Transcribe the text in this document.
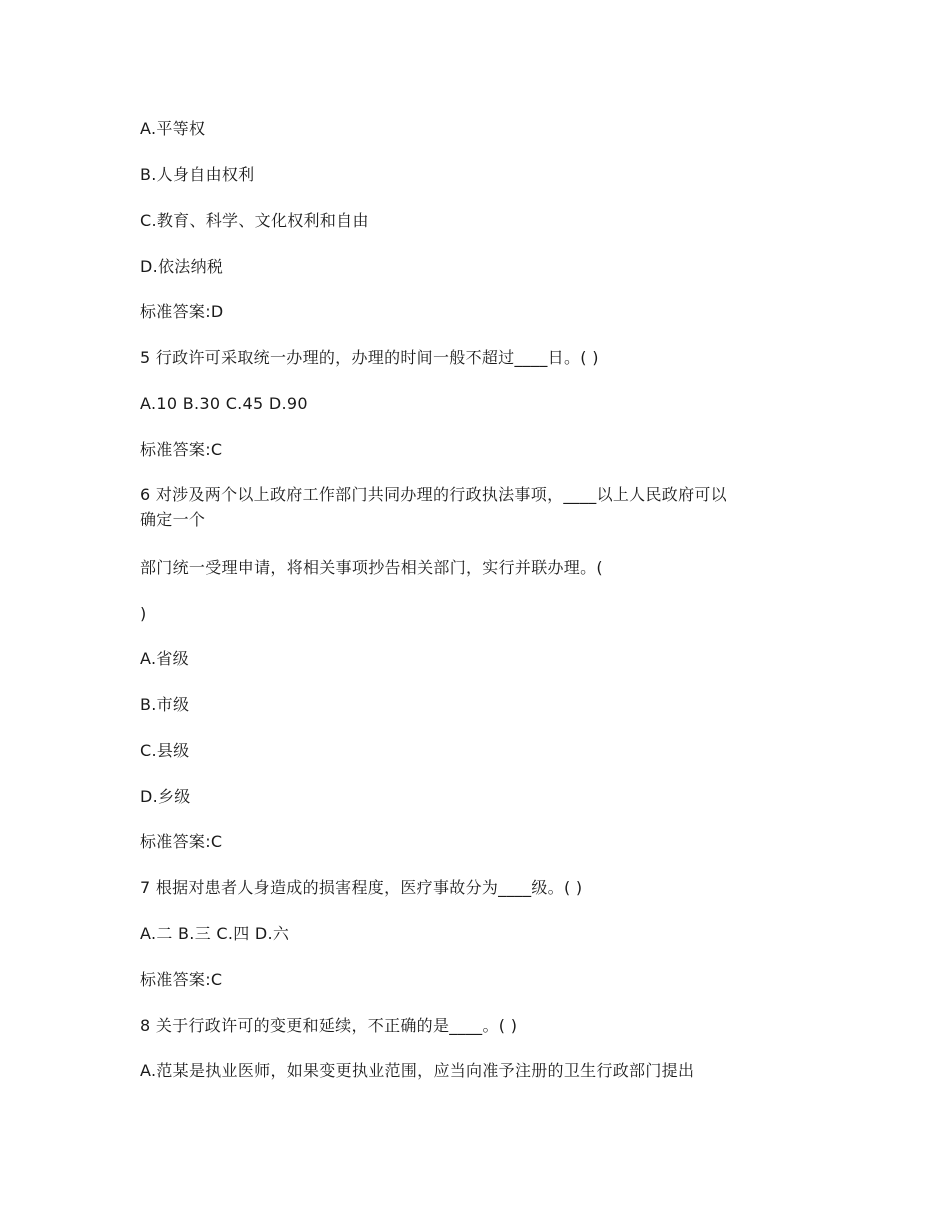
A.平等权
B.人身自由权利
C.教育、科学、文化权利和自由
D.依法纳税
标准答案:D
5 行政许可采取统一办理的，办理的时间一般不超过____日。( )
A.10 B.30 C.45 D.90
标准答案:C
6 对涉及两个以上政府工作部门共同办理的行政执法事项，____以上人民政府可以
确定一个
部门统一受理申请，将相关事项抄告相关部门，实行并联办理。(
)
A.省级
B.市级
C.县级
D.乡级
标准答案:C
7 根据对患者人身造成的损害程度，医疗事故分为____级。( )
A.二 B.三 C.四 D.六
标准答案:C
8 关于行政许可的变更和延续，不正确的是____。( )
A.范某是执业医师，如果变更执业范围，应当向准予注册的卫生行政部门提出
